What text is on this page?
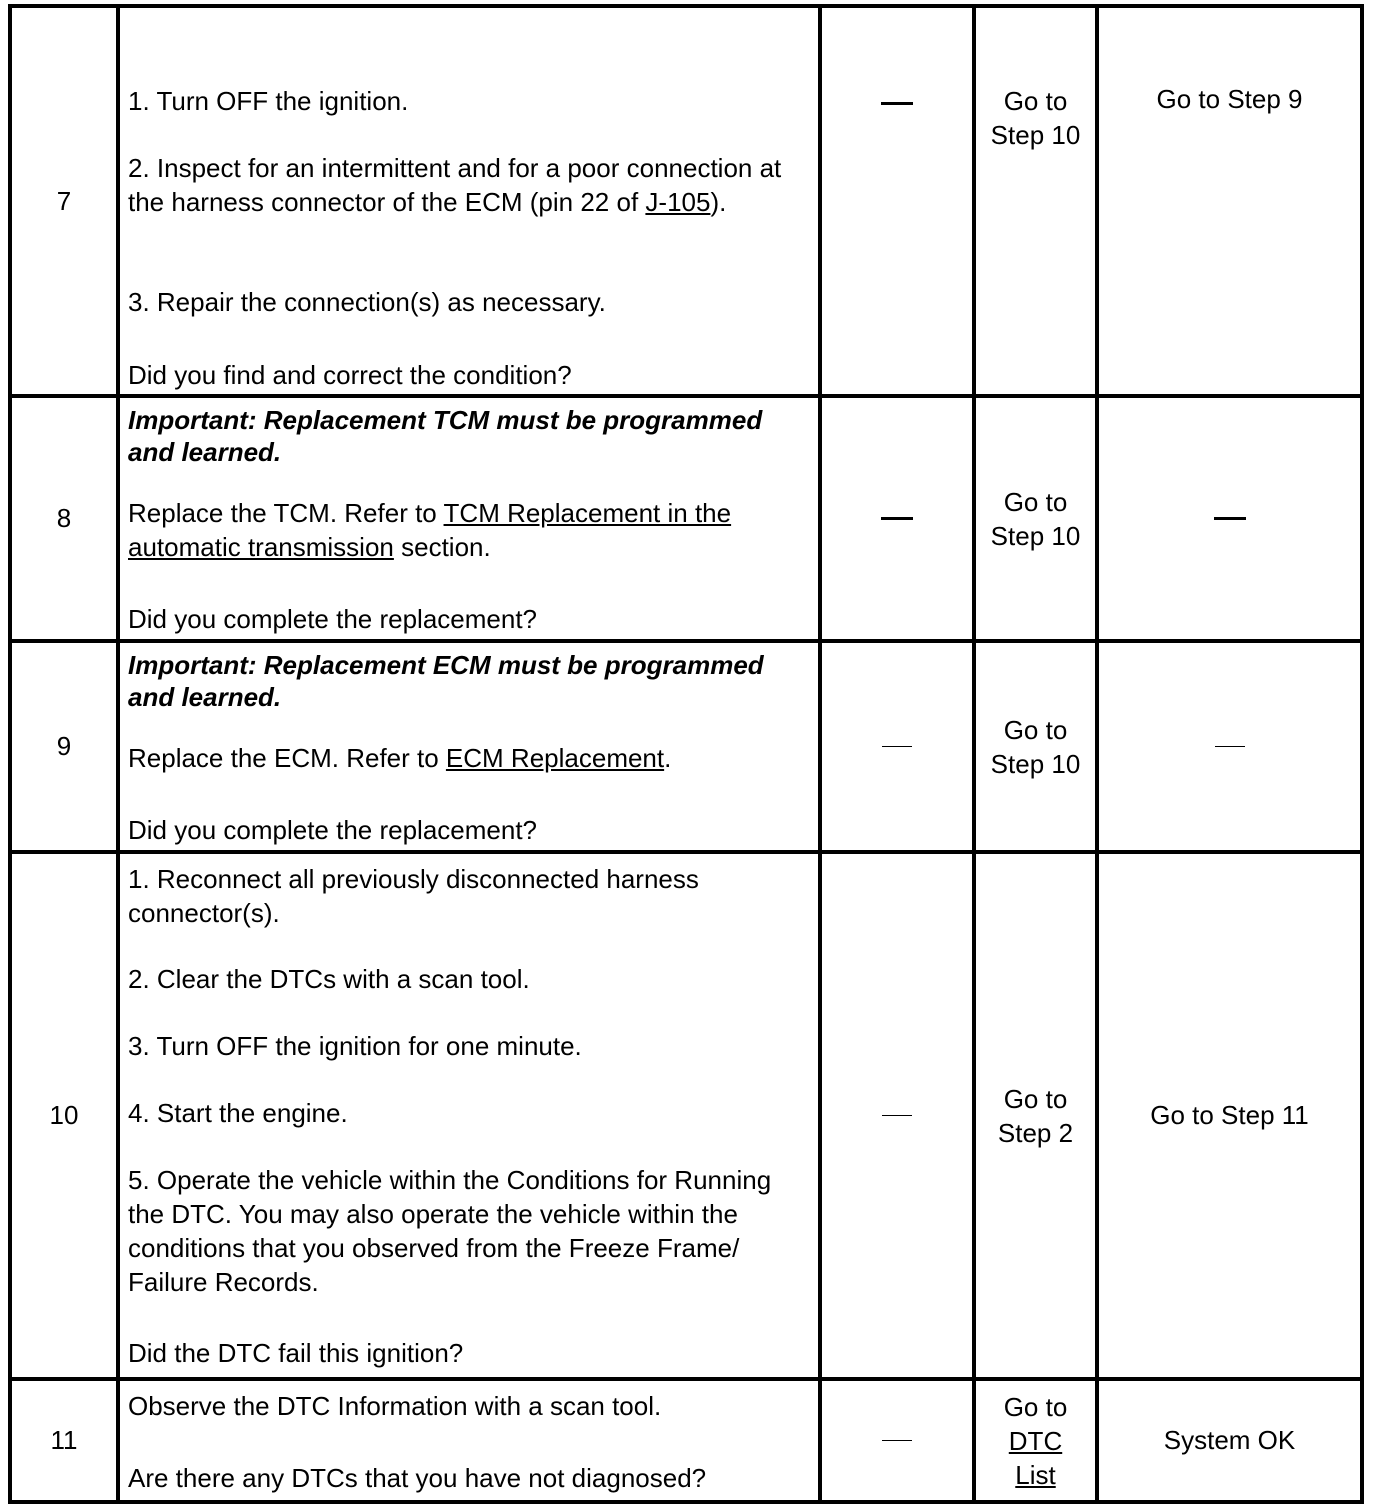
7
1. Turn OFF the ignition.
2. Inspect for an intermittent and for a poor connection at the harness connector of the ECM (pin 22 of J-105).
3. Repair the connection(s) as necessary.
Did you find and correct the condition?
Go to Step 10
Go to Step 9
8
Important: Replacement TCM must be programmed and learned.
Replace the TCM. Refer to TCM Replacement in the automatic transmission section.
Did you complete the replacement?
Go to Step 10
9
Important: Replacement ECM must be programmed and learned.
Replace the ECM. Refer to ECM Replacement.
Did you complete the replacement?
Go to Step 10
10
1. Reconnect all previously disconnected harness connector(s).
2. Clear the DTCs with a scan tool.
3. Turn OFF the ignition for one minute.
4. Start the engine.
5. Operate the vehicle within the Conditions for Running the DTC. You may also operate the vehicle within the conditions that you observed from the Freeze Frame/ Failure Records.
Did the DTC fail this ignition?
Go to Step 2
Go to Step 11
11
Observe the DTC Information with a scan tool.
Are there any DTCs that you have not diagnosed?
Go to
DTC List
System OK
